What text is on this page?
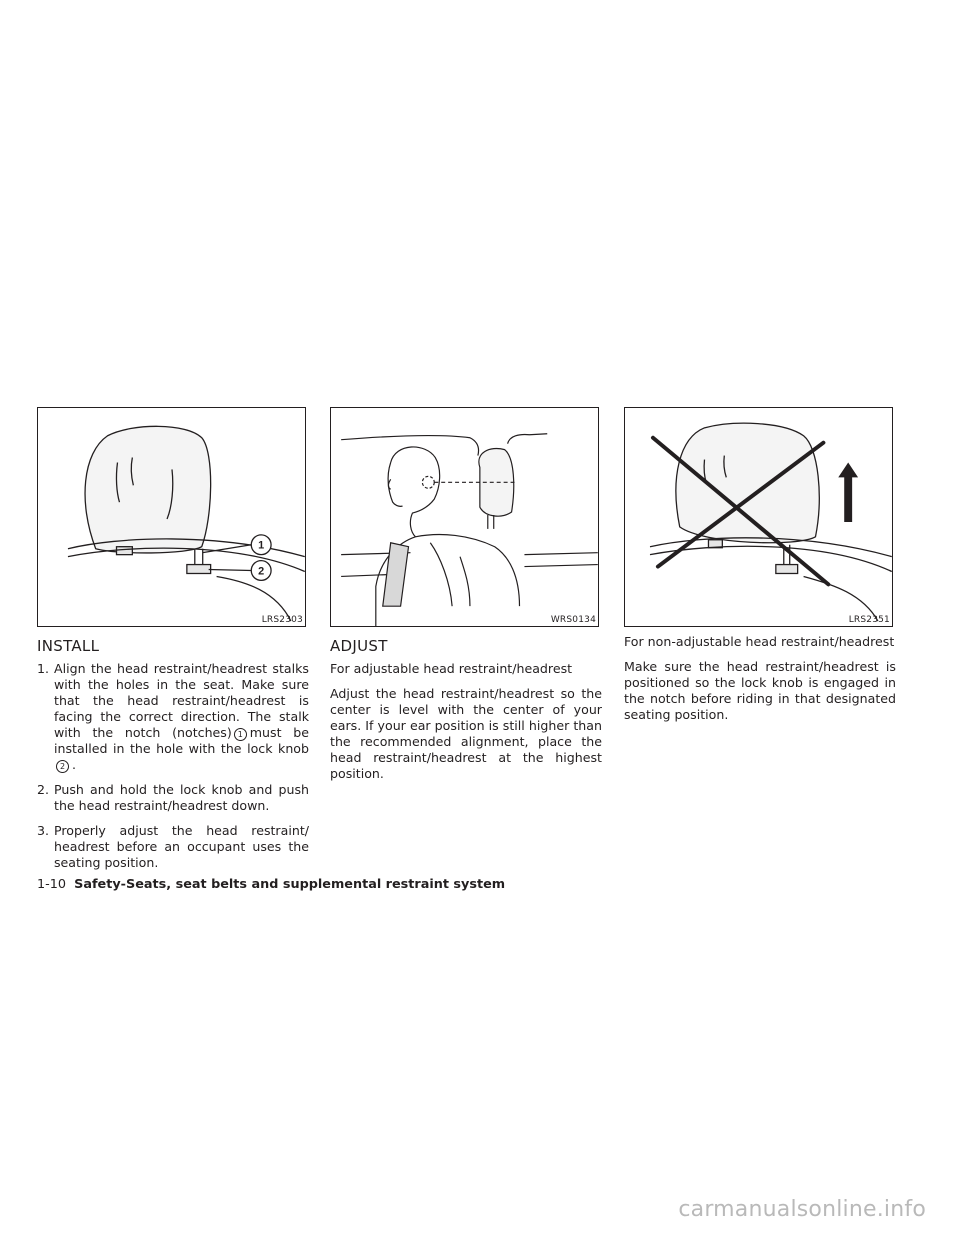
1
2
LRS2303	WRS0134	LRS2351
INSTALL
1. Align the head restraint/headrest stalks with the holes in the seat. Make sure that the head restraint/headrest is facing the correct direction. The stalk with the notch (notches) 1 must be installed in the hole with the lock knob2 .
2. Push and hold the lock knob and push the head restraint/headrest down.
3. Properly adjust the head restraint/ headrest before an occupant uses the seating position.
ADJUST

For adjustable head restraint/headrest

Adjust the head restraint/headrest so the center is level with the center of your ears. If your ear position is still higher than the recommended alignment, place the head restraint/headrest at the highest position.

For non-adjustable head restraint/headrest

Make sure the head restraint/headrest is positioned so the lock knob is engaged in the notch before riding in that designated seating position.

1-10 Safety-Seats, seat belts and supplemental restraint system
carmanualsonline.info
